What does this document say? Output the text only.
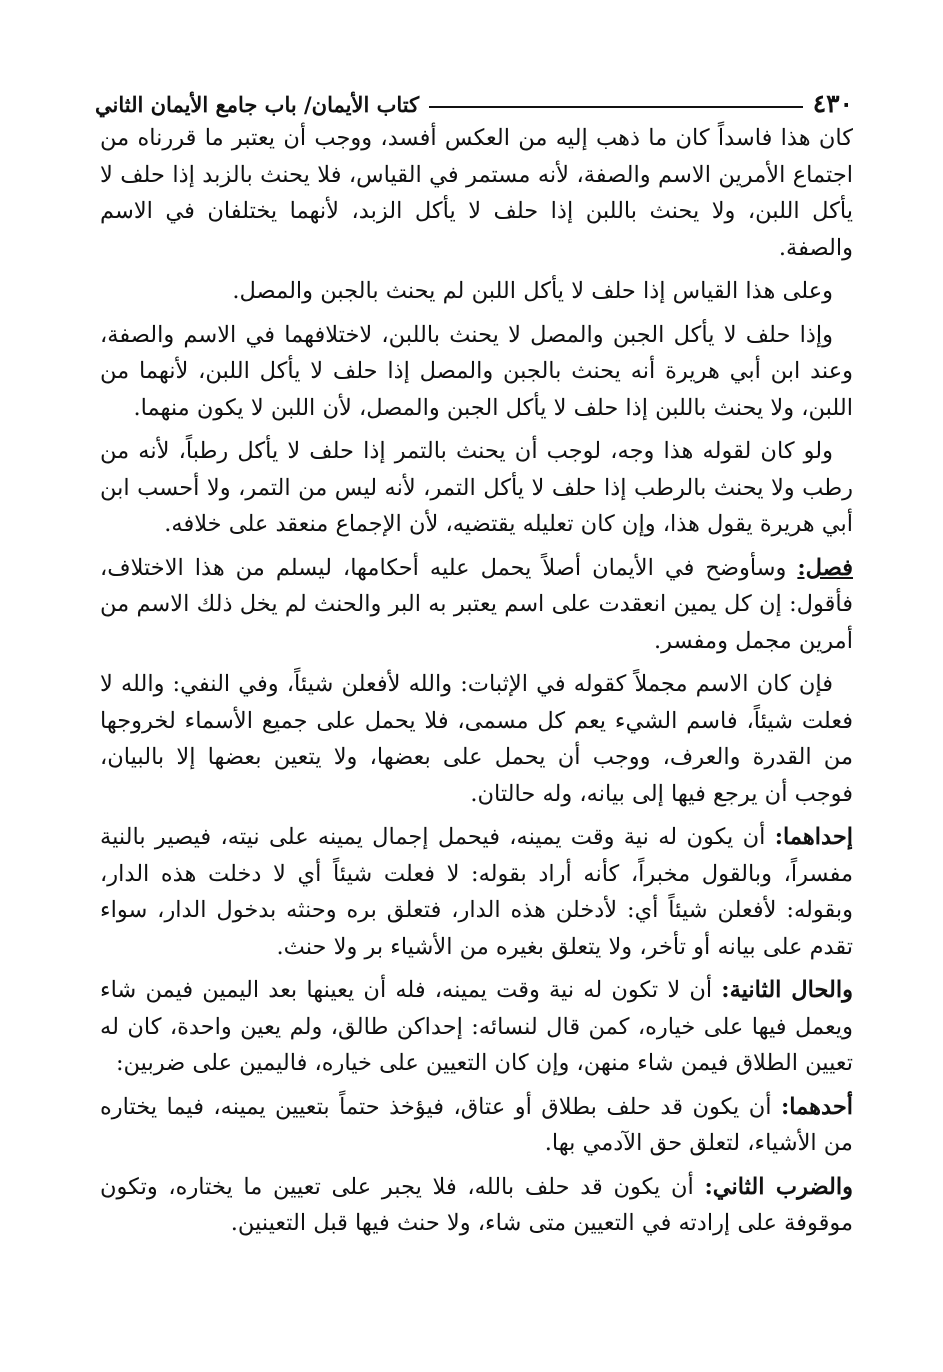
٤٣٠
كتاب الأيمان/ باب جامع الأيمان الثاني

كان هذا فاسداً كان ما ذهب إليه من العكس أفسد، ووجب أن يعتبر ما قررناه من اجتماع الأمرين الاسم والصفة، لأنه مستمر في القياس، فلا يحنث بالزبد إذا حلف لا يأكل اللبن، ولا يحنث باللبن إذا حلف لا يأكل الزبد، لأنهما يختلفان في الاسم والصفة.

وعلى هذا القياس إذا حلف لا يأكل اللبن لم يحنث بالجبن والمصل.

وإذا حلف لا يأكل الجبن والمصل لا يحنث باللبن، لاختلافهما في الاسم والصفة، وعند ابن أبي هريرة أنه يحنث بالجبن والمصل إذا حلف لا يأكل اللبن، لأنهما من اللبن، ولا يحنث باللبن إذا حلف لا يأكل الجبن والمصل، لأن اللبن لا يكون منهما.

ولو كان لقوله هذا وجه، لوجب أن يحنث بالتمر إذا حلف لا يأكل رطباً، لأنه من رطب ولا يحنث بالرطب إذا حلف لا يأكل التمر، لأنه ليس من التمر، ولا أحسب ابن أبي هريرة يقول هذا، وإن كان تعليله يقتضيه، لأن الإجماع منعقد على خلافه.

فصل: وسأوضح في الأيمان أصلاً يحمل عليه أحكامها، ليسلم من هذا الاختلاف، فأقول: إن كل يمين انعقدت على اسم يعتبر به البر والحنث لم يخل ذلك الاسم من أمرين مجمل ومفسر.

فإن كان الاسم مجملاً كقوله في الإثبات: والله لأفعلن شيئاً، وفي النفي: والله لا فعلت شيئاً، فاسم الشيء يعم كل مسمى، فلا يحمل على جميع الأسماء لخروجها من القدرة والعرف، ووجب أن يحمل على بعضها، ولا يتعين بعضها إلا بالبيان، فوجب أن يرجع فيها إلى بيانه، وله حالتان.

إحداهما: أن يكون له نية وقت يمينه، فيحمل إجمال يمينه على نيته، فيصير بالنية مفسراً، وبالقول مخبراً، كأنه أراد بقوله: لا فعلت شيئاً أي لا دخلت هذه الدار، وبقوله: لأفعلن شيئاً أي: لأدخلن هذه الدار، فتعلق بره وحنثه بدخول الدار، سواء تقدم على بيانه أو تأخر، ولا يتعلق بغيره من الأشياء بر ولا حنث.

والحال الثانية: أن لا تكون له نية وقت يمينه، فله أن يعينها بعد اليمين فيمن شاء ويعمل فيها على خياره، كمن قال لنسائه: إحداكن طالق، ولم يعين واحدة، كان له تعيين الطلاق فيمن شاء منهن، وإن كان التعيين على خياره، فاليمين على ضربين:

أحدهما: أن يكون قد حلف بطلاق أو عتاق، فيؤخذ حتماً بتعيين يمينه، فيما يختاره من الأشياء، لتعلق حق الآدمي بها.

والضرب الثاني: أن يكون قد حلف بالله، فلا يجبر على تعيين ما يختاره، وتكون موقوفة على إرادته في التعيين متى شاء، ولا حنث فيها قبل التعينين.
